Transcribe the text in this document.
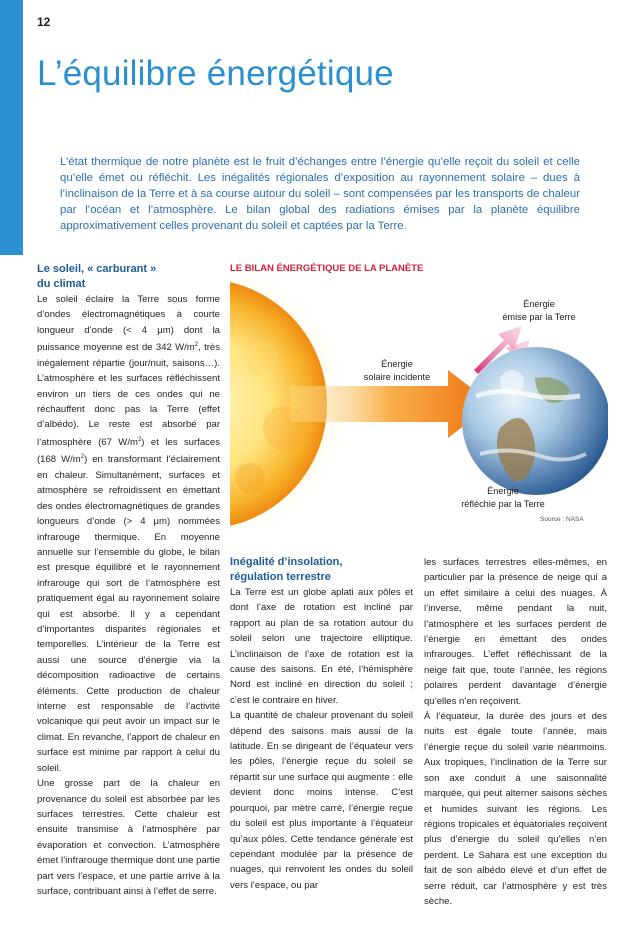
12
L’équilibre énergétique

L’état thermique de notre planète est le fruit d’échanges entre l’énergie qu’elle reçoit du soleil et celle qu’elle émet ou réfléchit. Les inégalités régionales d’exposition au rayonnement solaire – dues à l’inclinaison de la Terre et à sa course autour du soleil – sont compensées par les transports de chaleur par l’océan et l’atmosphère. Le bilan global des radiations émises par la planète équilibre approximativement celles provenant du soleil et captées par la Terre.

Le soleil, « carburant »
du climat

Le soleil éclaire la Terre sous forme d’ondes électromagnétiques à courte longueur d’onde (< 4 μm) dont la puissance moyenne est de 342 $W/m^2$, très inégalement répartie (jour/nuit, saisons…). L’atmosphère et les surfaces réfléchissent environ un tiers de ces ondes qui ne réchauffent donc pas la Terre (effet d’albédo). Le reste est absorbé par l’atmosphère (67 $W/m^2$) et les surfaces (168 $W/m^2$) en transformant l’éclairement en chaleur. Simultanément, surfaces et atmosphère se refroidissent en émettant des ondes électromagnétiques de grandes longueurs d’onde (> 4 μm) nommées infrarouge thermique. En moyenne annuelle sur l’ensemble du globe, le bilan est presque équilibré et le rayonnement infrarouge qui sort de l’atmosphère est pratiquement égal au rayonnement solaire qui est absorbé. Il y a cependant d’importantes disparités régionales et temporelles. L’intérieur de la Terre est aussi une source d’énergie via la décomposition radioactive de certains éléments. Cette production de chaleur interne est responsable de l’activité volcanique qui peut avoir un impact sur le climat. En revanche, l’apport de chaleur en surface est minime par rapport à celui du soleil.

Une grosse part de la chaleur en provenance du soleil est absorbée par les surfaces terrestres. Cette chaleur est ensuite transmise à l’atmosphère par évaporation et convection. L’atmosphère émet l’infrarouge thermique dont une partie part vers l’espace, et une partie arrive à la surface, contribuant ainsi à l’effet de serre.

LE BILAN ÉNERGÉTIQUE DE LA PLANÈTE
Énergie
émise par la Terre
Énergie
solaire incidente
Énergie
réfléchie par la Terre
Source : NASA
Inégalité d’insolation,
régulation terrestre

La Terre est un globe aplati aux pôles et dont l’axe de rotation est incliné par rapport au plan de sa rotation autour du soleil selon une trajectoire elliptique. L’inclinaison de l’axe de rotation est la cause des saisons. En été, l’hémisphère Nord est incliné en direction du soleil ; c’est le contraire en hiver.

La quantité de chaleur provenant du soleil dépend des saisons mais aussi de la latitude. En se dirigeant de l’équateur vers les pôles, l’énergie reçue du soleil se répartit sur une surface qui augmente : elle devient donc moins intense. C’est pourquoi, par mètre carré, l’énergie reçue du soleil est plus importante à l’équateur qu’aux pôles. Cette tendance générale est cependant modulée par la présence de nuages, qui renvoient les ondes du soleil vers l’espace, ou par

les surfaces terrestres elles-mêmes, en particulier par la présence de neige qui a un effet similaire à celui des nuages. À l’inverse, même pendant la nuit, l’atmosphère et les surfaces perdent de l’énergie en émettant des ondes infrarouges. L’effet réfléchissant de la neige fait que, toute l’année, les régions polaires perdent davantage d’énergie qu’elles n’en reçoivent.

À l’équateur, la durée des jours et des nuits est égale toute l’année, mais l’énergie reçue du soleil varie néanmoins. Aux tropiques, l’inclination de la Terre sur son axe conduit à une saisonnalité marquée, qui peut alterner saisons sèches et humides suivant les régions. Les régions tropicales et équatoriales reçoivent plus d’énergie du soleil qu’elles n’en perdent. Le Sahara est une exception du fait de son albédo élevé et d’un effet de serre réduit, car l’atmosphère y est très sèche.
